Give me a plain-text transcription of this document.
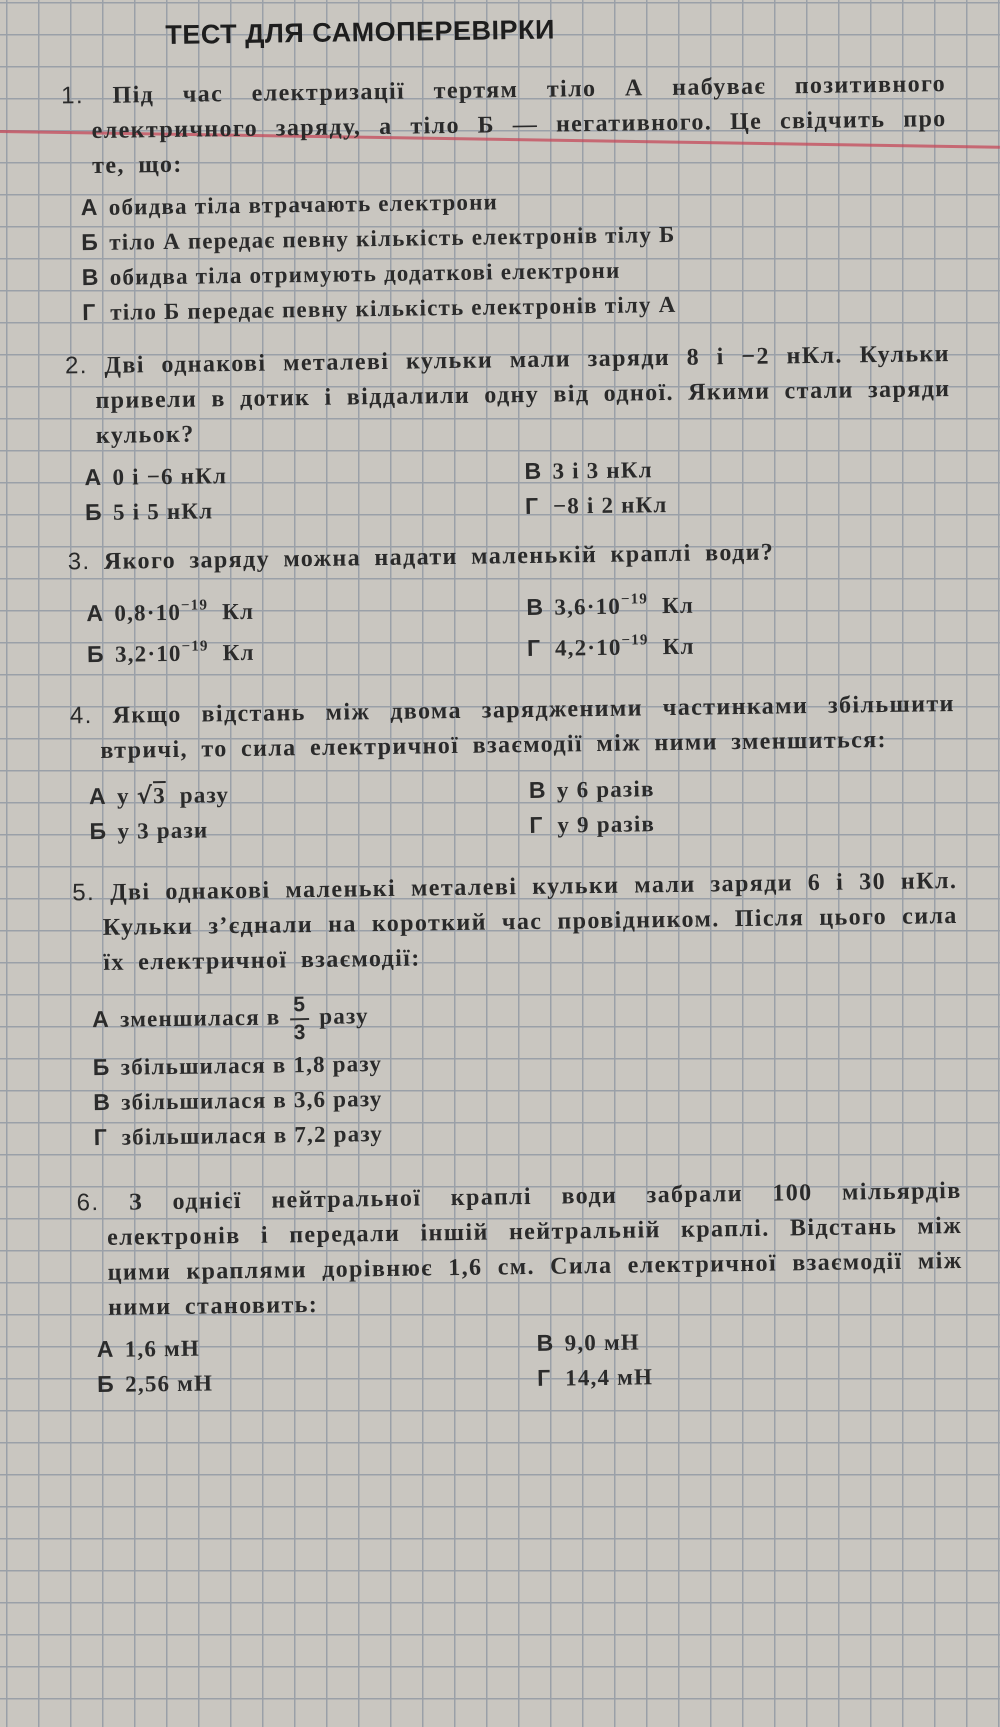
ТЕСТ ДЛЯ САМОПЕРЕВІРКИ
1. Під час електризації тертям тіло А набуває позитивного електричного заряду, а тіло Б — негативного. Це свідчить про те, що:
А обидва тіла втрачають електрони
Б тіло А передає певну кількість електронів тілу Б
В обидва тіла отримують додаткові електрони
Г тіло Б передає певну кількість електронів тілу А
2. Дві однакові металеві кульки мали заряди 8 і −2 нКл. Кульки привели в дотик і віддалили одну від одної. Якими стали заряди кульок?
А 0 і −6 нКл	В 3 і 3 нКл
Б 5 і 5 нКл	Г −8 і 2 нКл
3. Якого заряду можна надати маленькій краплі води?
А $0,8\cdot 10^{-19}$ Кл	В $3,6\cdot 10^{-19}$ Кл
Б $3,2\cdot 10^{-19}$ Кл	Г $4,2\cdot 10^{-19}$ Кл
4. Якщо відстань між двома зарядженими частинками збільшити втричі, то сила електричної взаємодії між ними зменшиться:
А у √3 разу	В у 6 разів
Б у 3 рази	Г у 9 разів
5. Дві однакові маленькі металеві кульки мали заряди 6 і 30 нКл. Кульки з’єднали на короткий час провідником. Після цього сила їх електричної взаємодії:
А зменшилася в $\frac{5}{3}$ разу
Б збільшилася в 1,8 разу
В збільшилася в 3,6 разу
Г збільшилася в 7,2 разу
6. З однієї нейтральної краплі води забрали 100 мільярдів електронів і передали іншій нейтральній краплі. Відстань між цими краплями дорівнює 1,6 см. Сила електричної взаємодії між ними становить:
А 1,6 мН	В 9,0 мН
Б 2,56 мН	Г 14,4 мН
